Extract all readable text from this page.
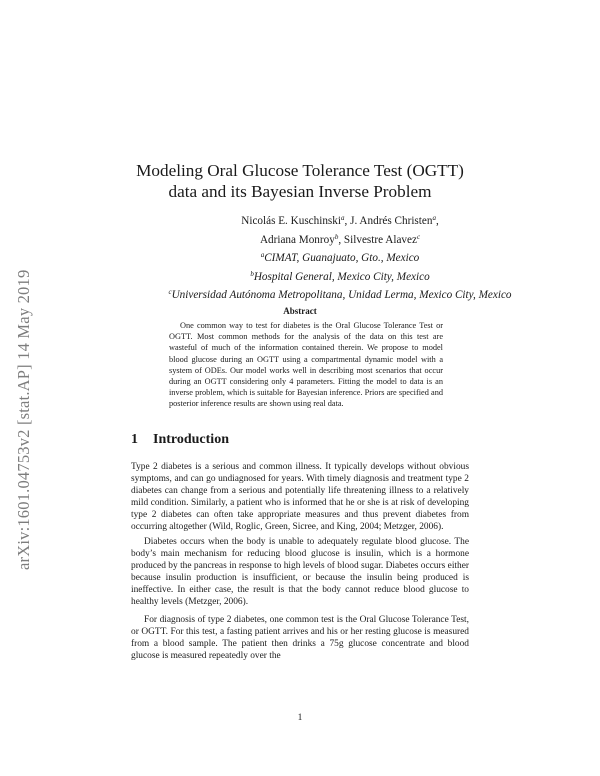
arXiv:1601.04753v2 [stat.AP] 14 May 2019
Modeling Oral Glucose Tolerance Test (OGTT)
data and its Bayesian Inverse Problem
Nicolás E. Kuschinski$^a$, J. Andrés Christen$^a$,
Adriana Monroy$^b$, Silvestre Alavez$^c$
$^a$CIMAT, Guanajuato, Gto., Mexico
$^b$Hospital General, Mexico City, Mexico
$^c$Universidad Autónoma Metropolitana, Unidad Lerma, Mexico City, Mexico
Abstract
One common way to test for diabetes is the Oral Glucose Tolerance Test or OGTT. Most common methods for the analysis of the data on this test are wasteful of much of the information contained therein. We propose to model blood glucose during an OGTT using a compartmental dynamic model with a system of ODEs. Our model works well in describing most scenarios that occur during an OGTT considering only 4 parameters. Fitting the model to data is an inverse problem, which is suitable for Bayesian inference. Priors are specified and posterior inference results are shown using real data.
1 Introduction

Type 2 diabetes is a serious and common illness. It typically develops without obvious symptoms, and can go undiagnosed for years. With timely diagnosis and treatment type 2 diabetes can change from a serious and potentially life threatening illness to a relatively mild condition. Similarly, a patient who is informed that he or she is at risk of developing type 2 diabetes can often take appropriate measures and thus prevent diabetes from occurring altogether (Wild, Roglic, Green, Sicree, and King, 2004; Metzger, 2006).

Diabetes occurs when the body is unable to adequately regulate blood glucose. The body’s main mechanism for reducing blood glucose is insulin, which is a hormone produced by the pancreas in response to high levels of blood sugar. Diabetes occurs either because insulin production is insufficient, or because the insulin being produced is ineffective. In either case, the result is that the body cannot reduce blood glucose to healthy levels (Metzger, 2006).

For diagnosis of type 2 diabetes, one common test is the Oral Glucose Tolerance Test, or OGTT. For this test, a fasting patient arrives and his or her resting glucose is measured from a blood sample. The patient then drinks a 75g glucose concentrate and blood glucose is measured repeatedly over the

1
